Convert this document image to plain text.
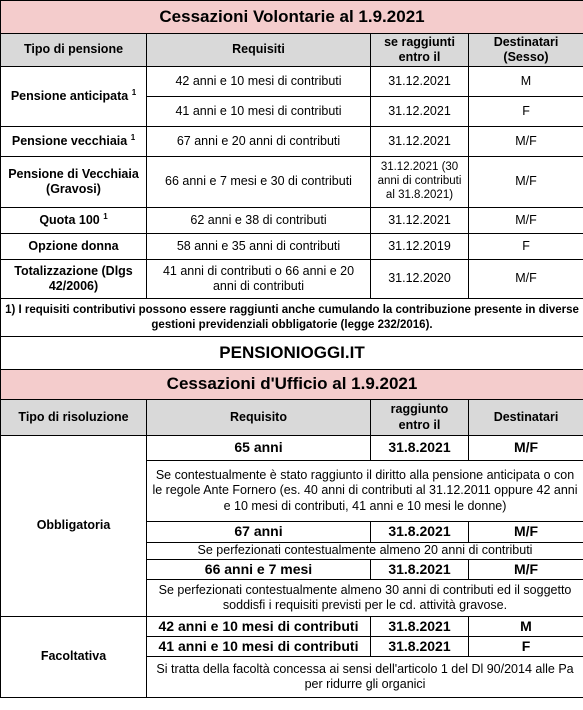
Cessazioni Volontarie al 1.9.2021			
Tipo di pensione	Requisiti	se raggiunti entro il	Destinatari (Sesso)
Pensione anticipata $^1$	42 anni e 10 mesi di contributi	31.12.2021	M
	41 anni e 10 mesi di contributi	31.12.2021	F
Pensione vecchiaia $^1$	67 anni e 20 anni di contributi	31.12.2021	M/F
Pensione di Vecchiaia (Gravosi)	66 anni e 7 mesi e 30 di contributi	31.12.2021 (30 anni di contributi al 31.8.2021)	M/F
Quota 100 $^1$	62 anni e 38 di contributi	31.12.2021	M/F
Opzione donna	58 anni e 35 anni di contributi	31.12.2019	F
Totalizzazione (Dlgs 42/2006)	41 anni di contributi o 66 anni e 20 anni di contributi	31.12.2020	M/F
1) I requisiti contributivi possono essere raggiunti anche cumulando la contribuzione presente in diverse gestioni previdenziali obbligatorie (legge 232/2016).			
PENSIONIOGGI.IT			
Cessazioni d'Ufficio al 1.9.2021			
Tipo di risoluzione	Requisito	raggiunto entro il	Destinatari
Obbligatoria	65 anni	31.8.2021	M/F
	Se contestualmente è stato raggiunto il diritto alla pensione anticipata o con le regole Ante Fornero (es. 40 anni di contributi al 31.12.2011 oppure 42 anni e 10 mesi di contributi, 41 anni e 10 mesi le donne)		
	67 anni	31.8.2021	M/F
	Se perfezionati contestualmente almeno 20 anni di contributi		
	66 anni e 7 mesi	31.8.2021	M/F
	Se perfezionati contestualmente almeno 30 anni di contributi ed il soggetto soddisfi i requisiti previsti per le cd. attività gravose.		
Facoltativa	42 anni e 10 mesi di contributi	31.8.2021	M
	41 anni e 10 mesi di contributi	31.8.2021	F
	Si tratta della facoltà concessa ai sensi dell'articolo 1 del Dl 90/2014 alle Pa per ridurre gli organici		
